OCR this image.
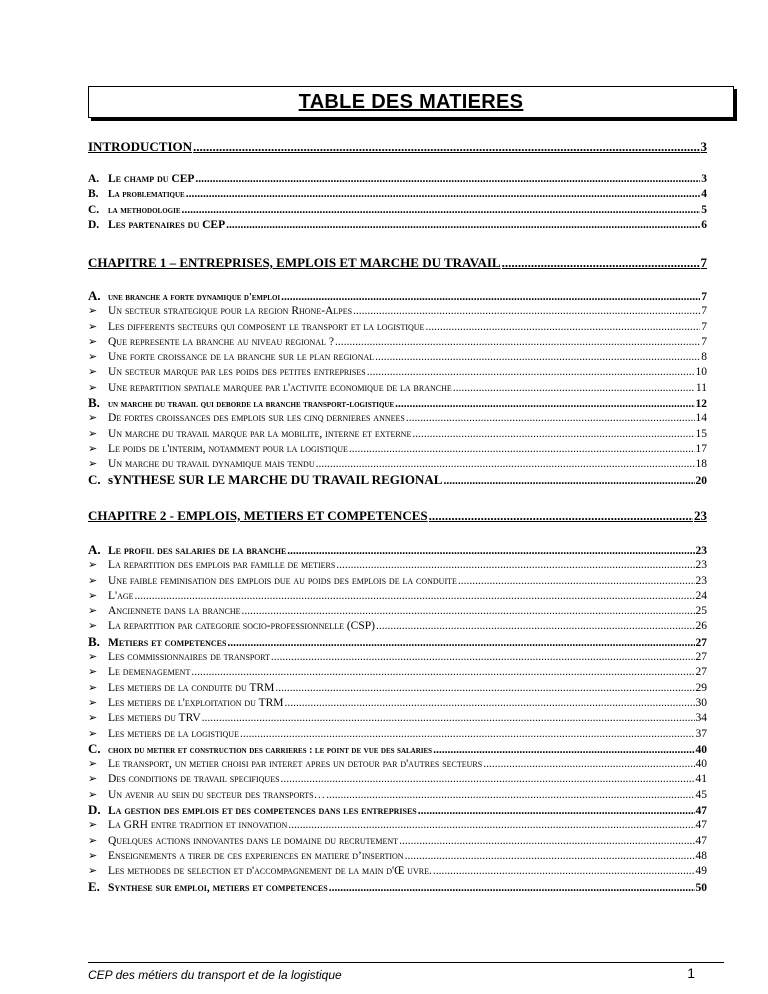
TABLE DES MATIERES
INTRODUCTION .....	3
A. Le champ du CEP .....	3
B. La problematique .....	4
C. la methodologie .....	5
D. Les partenaires du CEP .....	6
CHAPITRE 1 – ENTREPRISES, EMPLOIS ET MARCHE DU TRAVAIL .....	7
A. une branche a forte dynamique d'emploi .....	7
➢ Un secteur strategique pour la region Rhone-Alpes .....	7
➢ Les differents secteurs qui composent le transport et la logistique .....	7
➢ Que represente la branche au niveau regional ? .....	7
➢ Une forte croissance de la branche sur le plan regional .....	8
➢ Un secteur marque par les poids des petites entreprises .....	10
➢ Une repartition spatiale marquee par l'activite economique de la branche .....	11
B. un marche du travail qui deborde la branche transport-logistique .....	12
➢ De fortes croissances des emplois sur les cinq dernieres annees .....	14
➢ Un marche du travail marque par la mobilite, interne et externe .....	15
➢ Le poids de l'interim, notamment pour la logistique .....	17
➢ Un marche du travail dynamique mais tendu .....	18
C. sYNTHESE SUR LE MARCHE DU TRAVAIL REGIONAL .....	20
CHAPITRE 2 - EMPLOIS, METIERS ET COMPETENCES .....	23
A. Le profil des salaries de la branche .....	23
➢ La repartition des emplois par famille de metiers .....	23
➢ Une faible feminisation des emplois due au poids des emplois de la conduite .....	23
➢ L'age .....	24
➢ Anciennete dans la branche .....	25
➢ La repartition par categorie socio-professionnelle (CSP) .....	26
B. Metiers et competences .....	27
➢ Les commissionnaires de transport .....	27
➢ Le demenagement .....	27
➢ Les metiers de la conduite du TRM .....	29
➢ Les metiers de l'exploitation du TRM .....	30
➢ Les metiers du TRV .....	34
➢ Les metiers de la logistique .....	37
C. choix du metier et construction des carrieres : le point de vue des salaries .....	40
➢ Le transport, un metier choisi par interet apres un detour par d'autres secteurs .....	40
➢ Des conditions de travail specifiques .....	41
➢ Un avenir au sein du secteur des transports… .....	45
D. La gestion des emplois et des competences dans les entreprises .....	47
➢ La GRH entre tradition et innovation .....	47
➢ Quelques actions innovantes dans le domaine du recrutement .....	47
➢ Enseignements a tirer de ces experiences en matiere d’insertion .....	48
➢ Les methodes de selection et d'accompagnement de la main d'Œ uvre. .....	49
E. Synthese sur emploi, metiers et competences .....	50
CEP des métiers du transport et de la logistique	1
